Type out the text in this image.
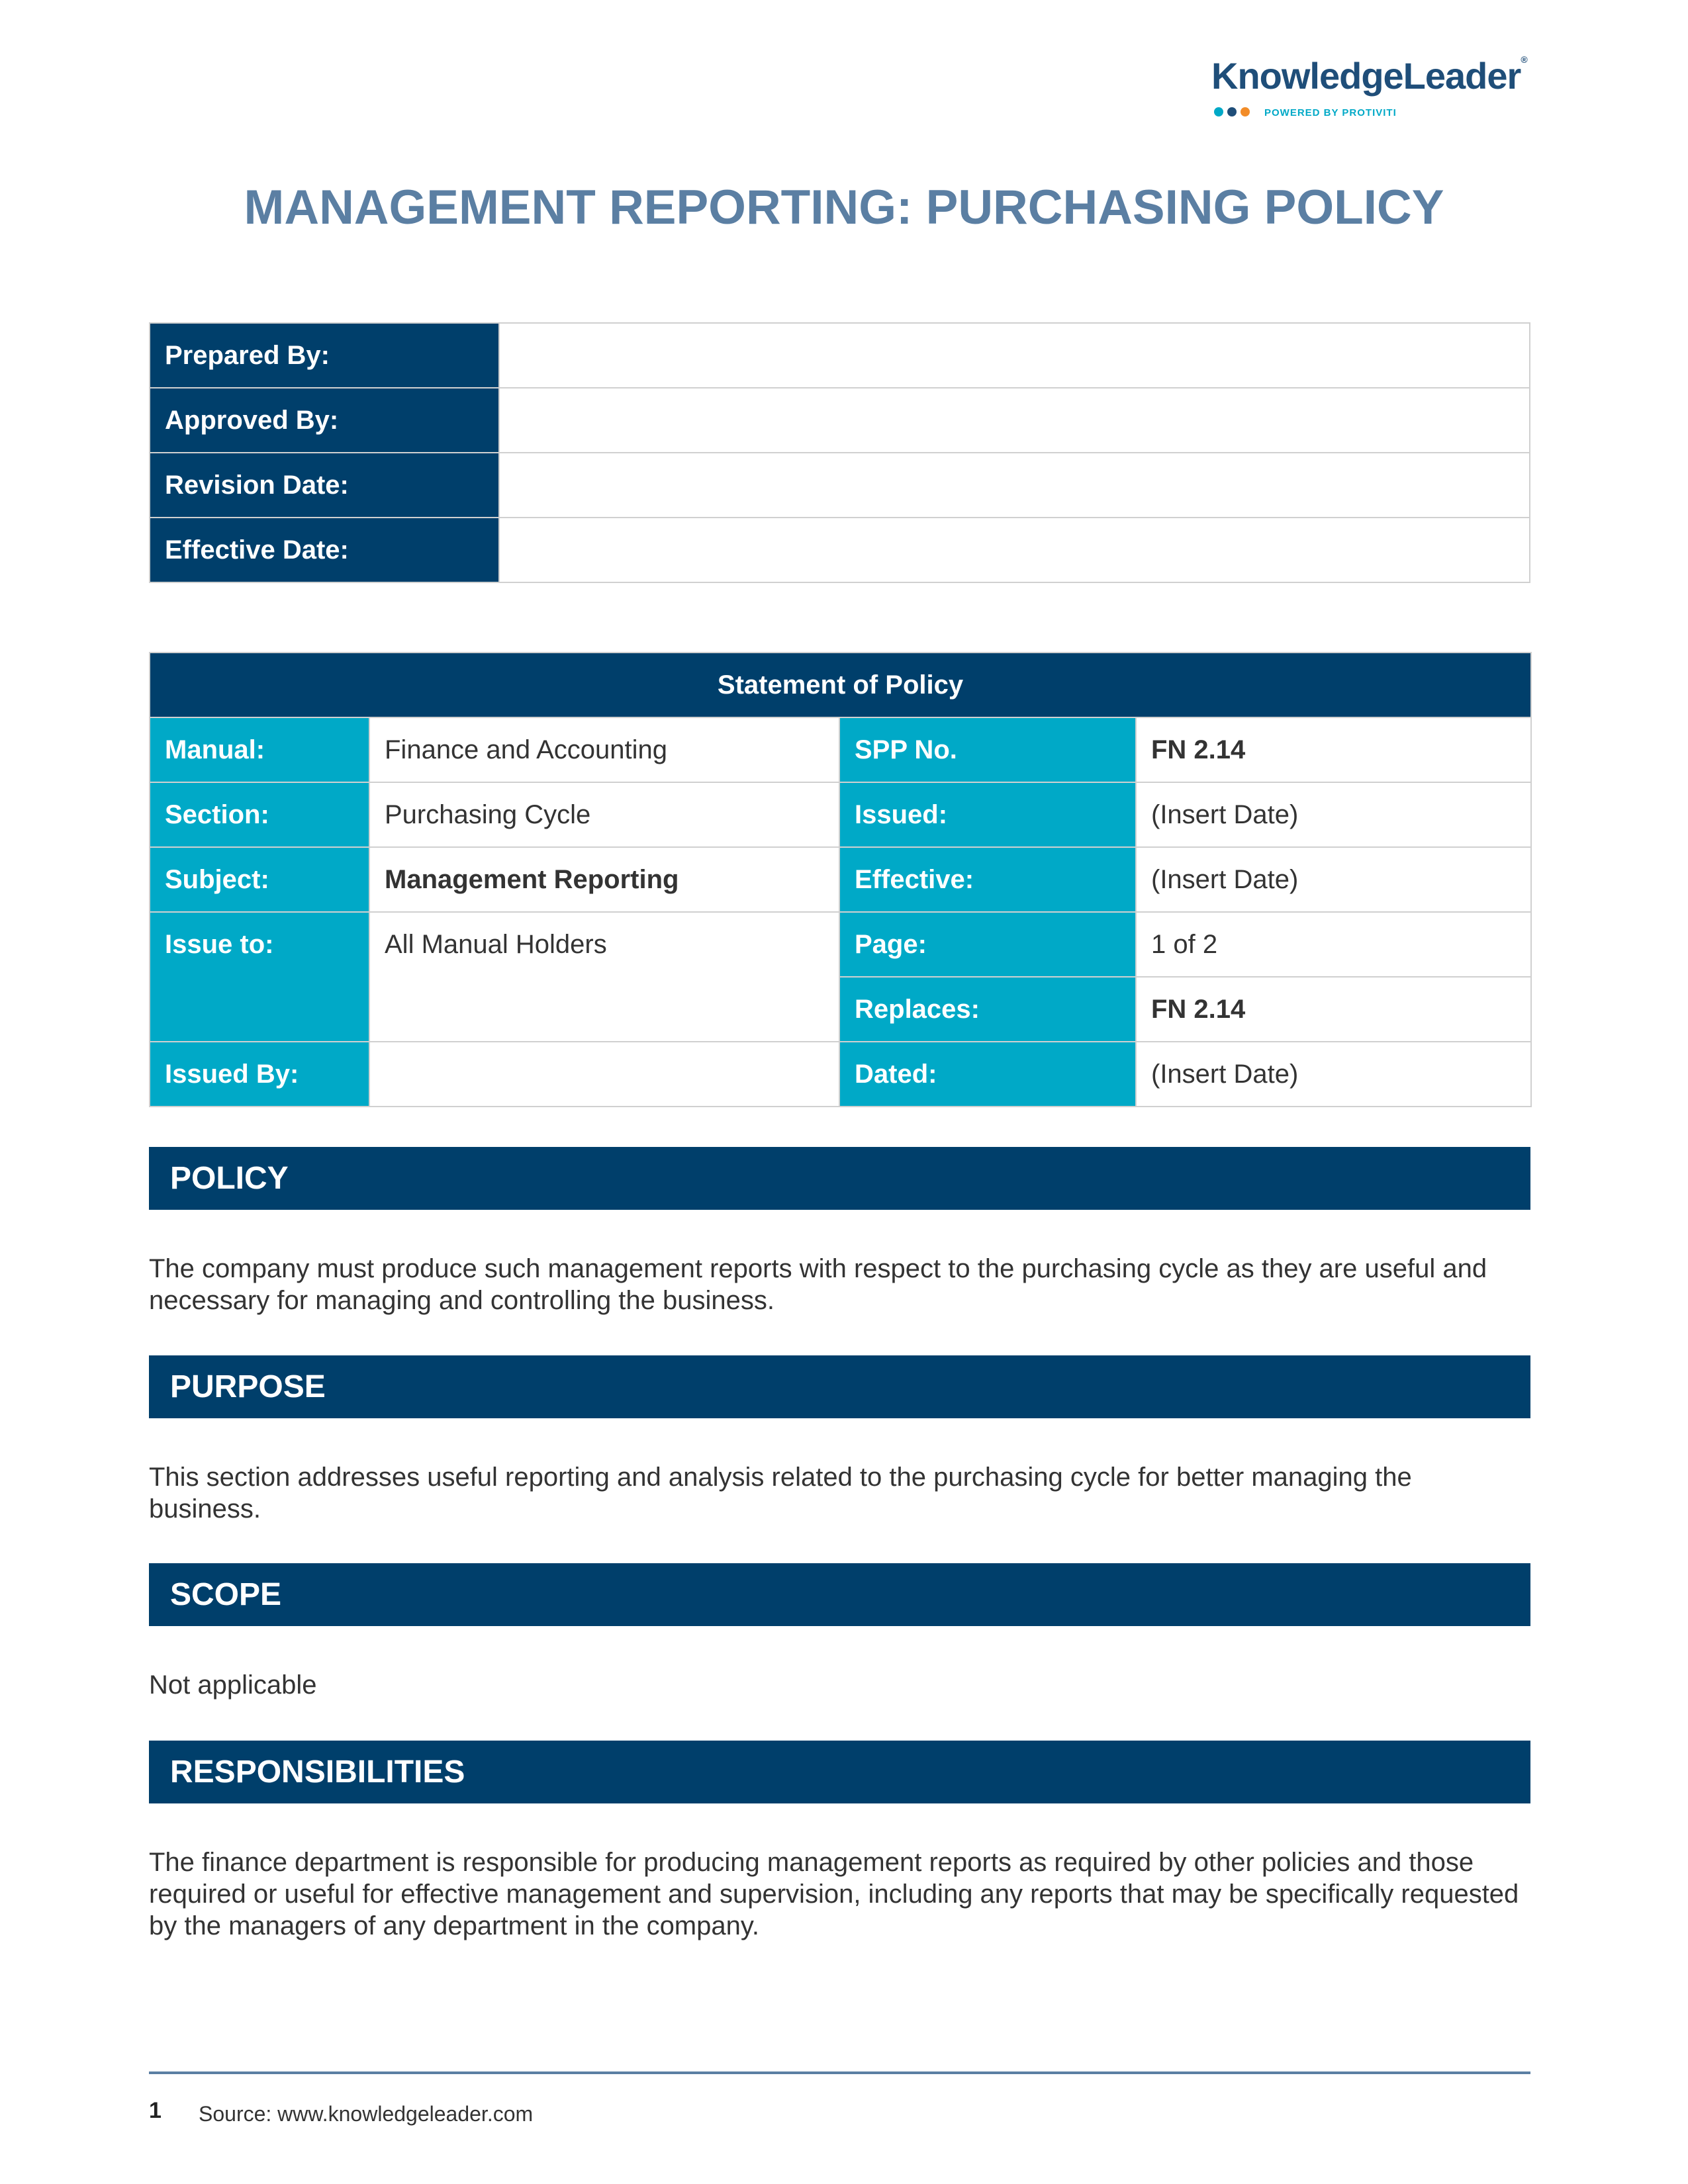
KnowledgeLeader®
POWERED BY PROTIVITI
MANAGEMENT REPORTING: PURCHASING POLICY
Prepared By:	
Approved By:	
Revision Date:	
Effective Date:	
Statement of Policy			
Manual:	Finance and Accounting	SPP No.	FN 2.14
Section:	Purchasing Cycle	Issued:	(Insert Date)
Subject:	Management Reporting	Effective:	(Insert Date)
Issue to:	All Manual Holders	Page:	1 of 2
		Replaces:	FN 2.14
Issued By:		Dated:	(Insert Date)
POLICY
The company must produce such management reports with respect to the purchasing cycle as they are useful and necessary for managing and controlling the business.
PURPOSE
This section addresses useful reporting and analysis related to the purchasing cycle for better managing the business.
SCOPE
Not applicable
RESPONSIBILITIES
The finance department is responsible for producing management reports as required by other policies and those required or useful for effective management and supervision, including any reports that may be specifically requested by the managers of any department in the company.
1 Source: www.knowledgeleader.com
